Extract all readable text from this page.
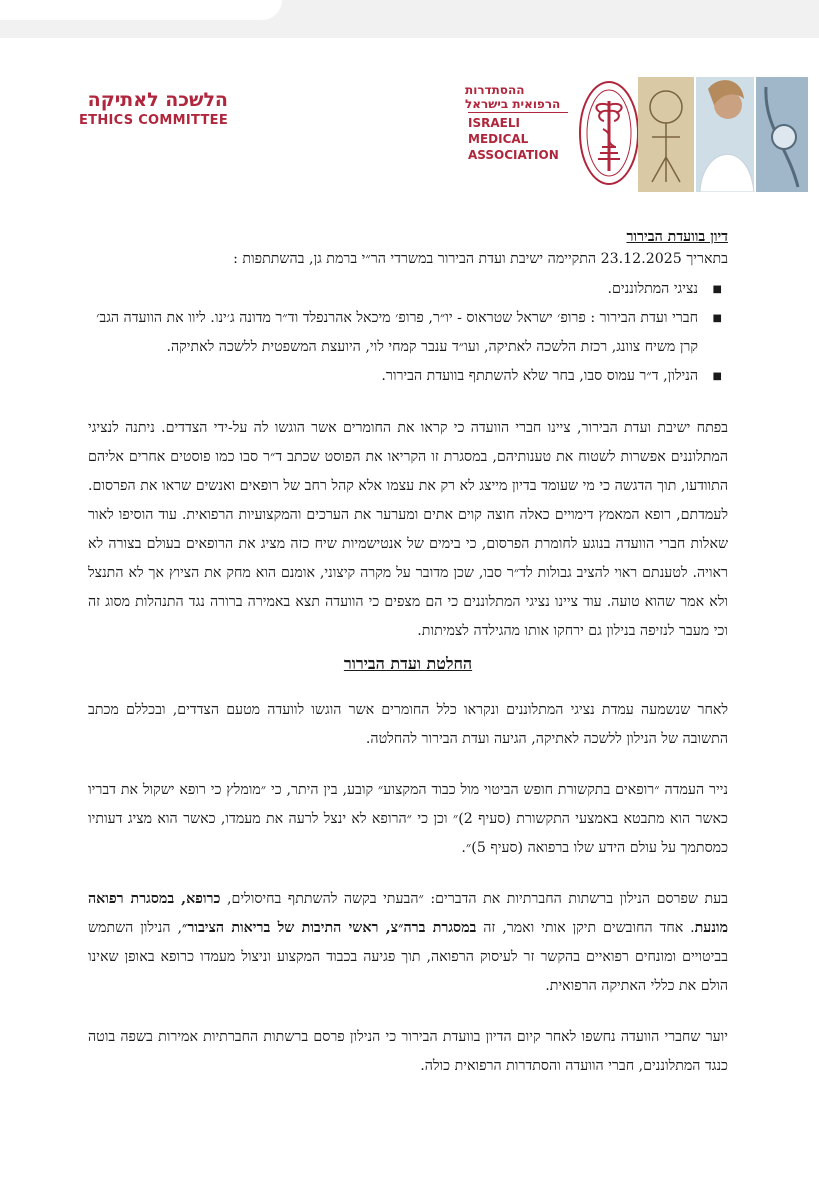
הלשכה לאתיקה
ETHICS COMMITTEE
ההסתדרות
הרפואית בישראל
ISRAELI MEDICAL
ASSOCIATION

דיון בוועדת הבירור

בתאריך 23.12.2025 התקיימה ישיבת ועדת הבירור במשרדי הר״י ברמת גן, בהשתתפות :

■ נציגי המתלוננים.
■ חברי ועדת הבירור : פרופ׳ ישראל שטראוס - יו״ר, פרופ׳ מיכאל אהרנפלד וד״ר מדונה ג׳ינו. ליוו את הוועדה הגב׳ קרן משיח צוונג, רכזת הלשכה לאתיקה, ועו״ד ענבר קמחי לוי, היועצת המשפטית ללשכה לאתיקה.
■ הנילון, ד״ר עמוס סבו, בחר שלא להשתתף בוועדת הבירור.

בפתח ישיבת ועדת הבירור, ציינו חברי הוועדה כי קראו את החומרים אשר הוגשו לה על-ידי הצדדים. ניתנה לנציגי המתלוננים אפשרות לשטוח את טענותיהם, במסגרת זו הקריאו את הפוסט שכתב ד״ר סבו כמו פוסטים אחרים אליהם התוודעו, תוך הדגשה כי מי שעומד בדיון מייצג לא רק את עצמו אלא קהל רחב של רופאים ואנשים שראו את הפרסום. לעמדתם, רופא המאמץ דימויים כאלה חוצה קוים אתים ומערער את הערכים והמקצועיות הרפואית. עוד הוסיפו לאור שאלות חברי הוועדה בנוגע לחומרת הפרסום, כי בימים של אנטישמיות שיח כזה מציג את הרופאים בעולם בצורה לא ראויה. לטענתם ראוי להציב גבולות לד״ר סבו, שכן מדובר על מקרה קיצוני, אומנם הוא מחק את הציוץ אך לא התנצל ולא אמר שהוא טועה. עוד ציינו נציגי המתלוננים כי הם מצפים כי הוועדה תצא באמירה ברורה נגד התנהלות מסוג זה וכי מעבר לנזיפה בנילון גם ירחקו אותו מהגילדה לצמיתות.

החלטת ועדת הבירור

לאחר שנשמעה עמדת נציגי המתלוננים ונקראו כלל החומרים אשר הוגשו לוועדה מטעם הצדדים, ובכללם מכתב התשובה של הנילון ללשכה לאתיקה, הגיעה ועדת הבירור להחלטה.

נייר העמדה ״רופאים בתקשורת חופש הביטוי מול כבוד המקצוע״ קובע, בין היתר, כי ״מומלץ כי רופא ישקול את דבריו כאשר הוא מתבטא באמצעי התקשורת (סעיף 2)״ וכן כי ״הרופא לא ינצל לרעה את מעמדו, כאשר הוא מציג דעותיו כמסתמך על עולם הידע שלו ברפואה (סעיף 5)״.

בעת שפרסם הנילון ברשתות החברתיות את הדברים: ״הבעתי בקשה להשתתף בחיסולים, כרופא, במסגרת רפואה מונעת. אחד החובשים תיקן אותי ואמר, זה במסגרת ברה״צ, ראשי התיבות של בריאות הציבור״, הנילון השתמש בביטויים ומונחים רפואיים בהקשר זר לעיסוק הרפואה, תוך פגיעה בכבוד המקצוע וניצול מעמדו כרופא באופן שאינו הולם את כללי האתיקה הרפואית.

יוער שחברי הוועדה נחשפו לאחר קיום הדיון בוועדת הבירור כי הנילון פרסם ברשתות החברתיות אמירות בשפה בוטה כנגד המתלוננים, חברי הוועדה והסתדרות הרפואית כולה.
